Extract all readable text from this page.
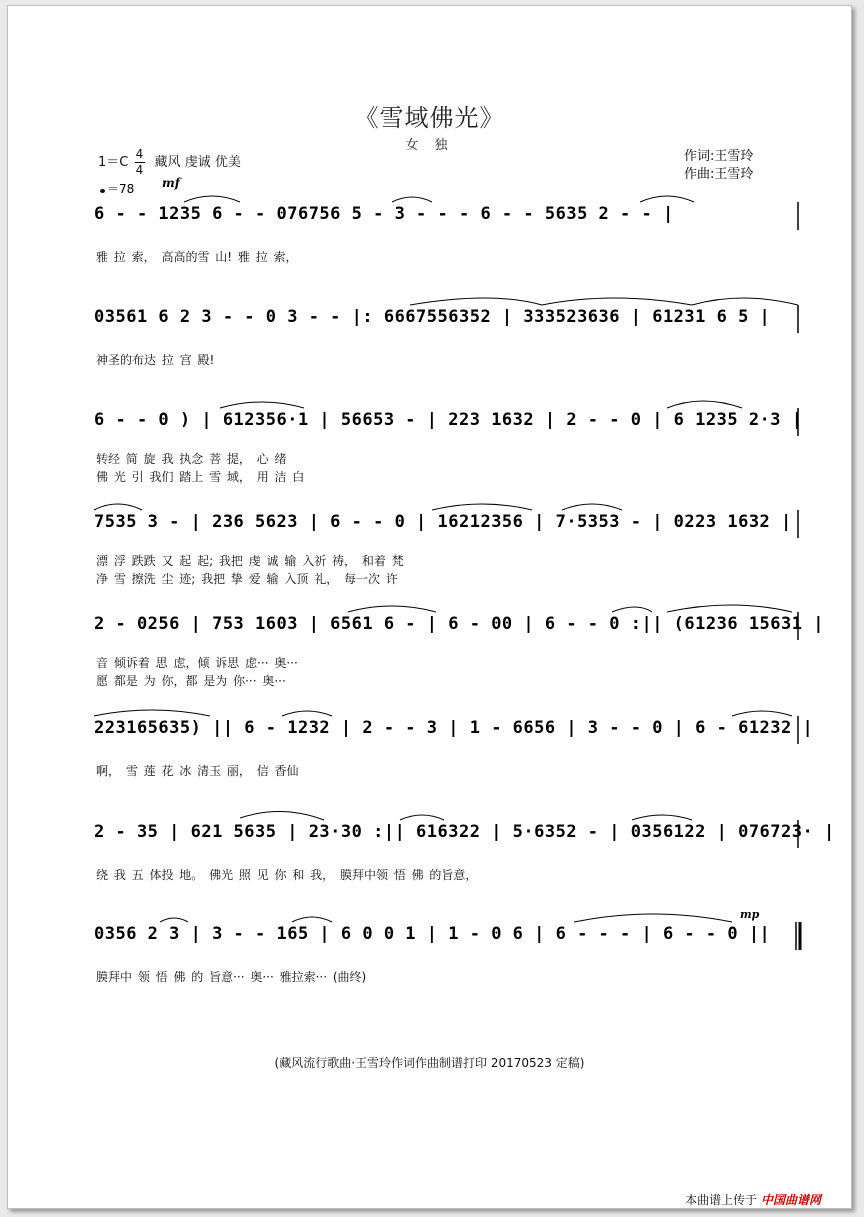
《雪域佛光》
女 独
$1=C \frac{4}{4}$ 藏风 虔诚 优美
＝78 mf
作词:王雪玲
作曲:王雪玲
6 - - 1235 6 - - 076756 5 - 3 - - - 6 - - 5635 2 - - |
雅 拉 索， 高高的雪 山! 雅 拉 索，
03561 6 2 3 - - 0 3 - - |: 6667556352 | 333523636 | 61231 6 5 |
神圣的布达 拉 宫 殿!
6 - - 0 ) | 612356·1 | 56653 - | 223 1632 | 2 - - 0 | 6 1235 2·3 |
转经 简 旋 我 执念 菩 提， 心 绪
佛 光 引 我们 踏上 雪 域， 用 洁 白
7535 3 - | 236 5623 | 6 - - 0 | 16212356 | 7·5353 - | 0223 1632 |
漂 浮 跌跌 又 起 起; 我把 虔 诚 输 入祈 祷， 和着 梵
净 雪 擦洗 尘 迹; 我把 挚 爱 输 入顶 礼， 每一次 许
2 - 0256 | 753 1603 | 6561 6 - | 6 - 00 | 6 - - 0 :|| (61236 15631 |
音 倾诉着 思 虑，倾 诉思 虑··· 奥···
愿 都是 为 你，都 是为 你··· 奥···
223165635) || 6 - 1232 | 2 - - 3 | 1 - 6656 | 3 - - 0 | 6 - 61232 |
啊， 雪 莲 花 冰 清玉 丽， 信 香仙
2 - 35 | 621 5635 | 23·30 :|| 616322 | 5·6352 - | 0356122 | 076723· |
绕 我 五 体投 地。 佛光 照 见 你 和 我， 膜拜中领 悟 佛 的旨意，
0356 2 3 | 3 - - 165 | 6 0 0 1 | 1 - 0 6 | 6 - - - | 6 - - 0 ||
mp
膜拜中 领 悟 佛 的 旨意··· 奥··· 雅拉索··· (曲终)
(藏风流行歌曲·王雪玲作词作曲制谱打印 20170523 定稿)
本曲谱上传于 中国曲谱网
